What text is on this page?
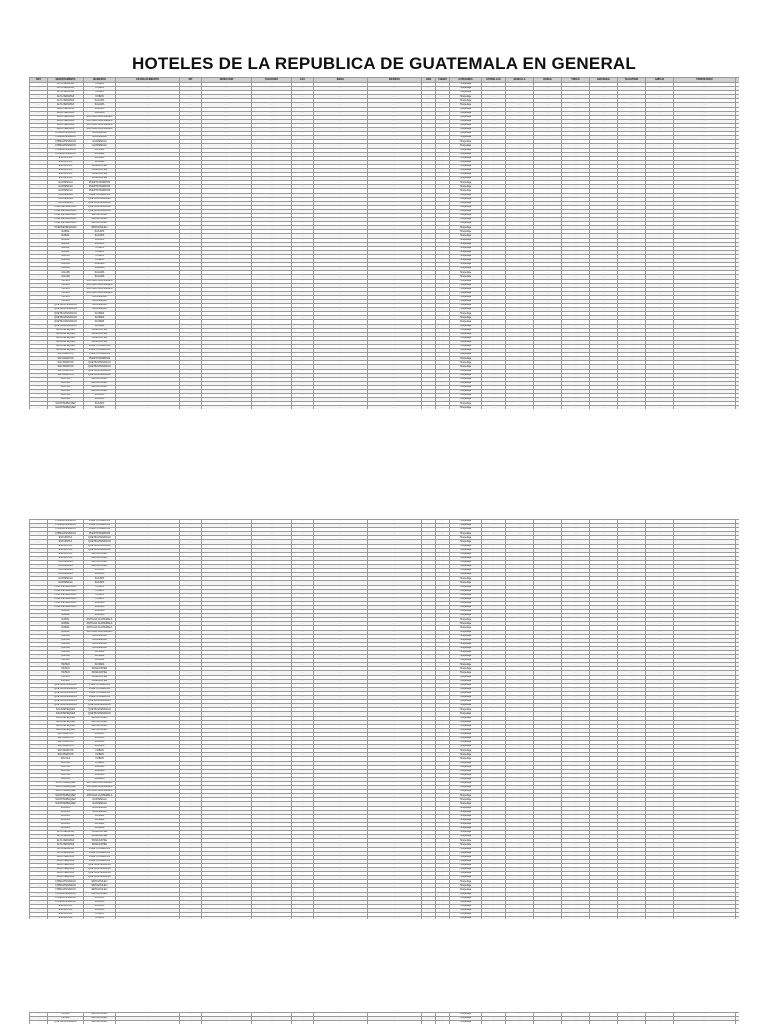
HOTELES DE LA REPUBLICA DE GUATEMALA EN GENERAL
NRT	DEPARTAMENTO	MUNICIPIO	ESTABLECIMIENTO	NIT	DIRECCION	TELEFONO	FAX	EMAIL	WEBSITE	HAB	CAMAS	CATEGORIA	ESTRELLAS	SENCILLA	DOBLE	TRIPLE	ADICIONAL	TELEVISOR	AMPLIO	PROPIETARIO	
…	ALTA VERAPAZ	COBAN	…	…	…	…	…	…	…	…	…	Hospedaje	…	…	…	…	…	…	…	…	
…	ALTA VERAPAZ	COBAN	…	…	…	…	…	…	…	…	…	Hospedaje	…	…	…	…	…	…	…	…	
…	ALTA VERAPAZ	COBAN	…	…	…	…	…	…	…	…	…	Hospedaje	…	…	…	…	…	…	…	…	
…	ALTA VERAPAZ	COBAN	…	…	…	…	…	…	…	…	…	Hospedaje	…	…	…	…	…	…	…	…	
…	ALTA VERAPAZ	SALAMA	…	…	…	…	…	…	…	…	…	Hospedaje	…	…	…	…	…	…	…	…	
…	ALTA VERAPAZ	SALAMA	…	…	…	…	…	…	…	…	…	Hospedaje	…	…	…	…	…	…	…	…	
…	BAJA VERAPAZ	SALAMA	…	…	…	…	…	…	…	…	…	Hospedaje	…	…	…	…	…	…	…	…	
…	BAJA VERAPAZ	SALAMA	…	…	…	…	…	…	…	…	…	Hospedaje	…	…	…	…	…	…	…	…	
…	BAJA VERAPAZ	ANTIGUA GUATEMALA	…	…	…	…	…	…	…	…	…	Hospedaje	…	…	…	…	…	…	…	…	
…	BAJA VERAPAZ	ANTIGUA GUATEMALA	…	…	…	…	…	…	…	…	…	Hospedaje	…	…	…	…	…	…	…	…	
…	BAJA VERAPAZ	ANTIGUA GUATEMALA	…	…	…	…	…	…	…	…	…	Hospedaje	…	…	…	…	…	…	…	…	
…	BAJA VERAPAZ	ANTIGUA GUATEMALA	…	…	…	…	…	…	…	…	…	Hospedaje	…	…	…	…	…	…	…	…	
…	CHIMALTENANGO	GUATEMALA	…	…	…	…	…	…	…	…	…	Hospedaje	…	…	…	…	…	…	…	…	
…	CHIMALTENANGO	GUATEMALA	…	…	…	…	…	…	…	…	…	Hospedaje	…	…	…	…	…	…	…	…	
…	CHIMALTENANGO	GUATEMALA	…	…	…	…	…	…	…	…	…	Hospedaje	…	…	…	…	…	…	…	…	
…	CHIMALTENANGO	GUATEMALA	…	…	…	…	…	…	…	…	…	Hospedaje	…	…	…	…	…	…	…	…	
…	CHIMALTENANGO	FLORES	…	…	…	…	…	…	…	…	…	Hospedaje	…	…	…	…	…	…	…	…	
…	CHIMALTENANGO	FLORES	…	…	…	…	…	…	…	…	…	Hospedaje	…	…	…	…	…	…	…	…	
…	ESCUINTLA	FLORES	…	…	…	…	…	…	…	…	…	Hospedaje	…	…	…	…	…	…	…	…	
…	ESCUINTLA	FLORES	…	…	…	…	…	…	…	…	…	Hospedaje	…	…	…	…	…	…	…	…	
…	ESCUINTLA	PANAJACHEL	…	…	…	…	…	…	…	…	…	Hospedaje	…	…	…	…	…	…	…	…	
…	ESCUINTLA	PANAJACHEL	…	…	…	…	…	…	…	…	…	Hospedaje	…	…	…	…	…	…	…	…	
…	ESCUINTLA	PANAJACHEL	…	…	…	…	…	…	…	…	…	Hospedaje	…	…	…	…	…	…	…	…	
…	ESCUINTLA	PANAJACHEL	…	…	…	…	…	…	…	…	…	Hospedaje	…	…	…	…	…	…	…	…	
…	GUATEMALA	PUERTO BARRIOS	…	…	…	…	…	…	…	…	…	Hospedaje	…	…	…	…	…	…	…	…	
…	GUATEMALA	PUERTO BARRIOS	…	…	…	…	…	…	…	…	…	Hospedaje	…	…	…	…	…	…	…	…	
…	GUATEMALA	PUERTO BARRIOS	…	…	…	…	…	…	…	…	…	Hospedaje	…	…	…	…	…	…	…	…	
…	GUATEMALA	PUERTO BARRIOS	…	…	…	…	…	…	…	…	…	Hospedaje	…	…	…	…	…	…	…	…	
…	GUATEMALA	QUETZALTENANGO	…	…	…	…	…	…	…	…	…	Hospedaje	…	…	…	…	…	…	…	…	
…	GUATEMALA	QUETZALTENANGO	…	…	…	…	…	…	…	…	…	Hospedaje	…	…	…	…	…	…	…	…	
…	HUEHUETENANGO	QUETZALTENANGO	…	…	…	…	…	…	…	…	…	Hospedaje	…	…	…	…	…	…	…	…	
…	HUEHUETENANGO	QUETZALTENANGO	…	…	…	…	…	…	…	…	…	Hospedaje	…	…	…	…	…	…	…	…	
…	HUEHUETENANGO	RETALHULEU	…	…	…	…	…	…	…	…	…	Hospedaje	…	…	…	…	…	…	…	…	
…	HUEHUETENANGO	RETALHULEU	…	…	…	…	…	…	…	…	…	Hospedaje	…	…	…	…	…	…	…	…	
…	HUEHUETENANGO	RETALHULEU	…	…	…	…	…	…	…	…	…	Hospedaje	…	…	…	…	…	…	…	…	
…	HUEHUETENANGO	RETALHULEU	…	…	…	…	…	…	…	…	…	Hospedaje	…	…	…	…	…	…	…	…	
…	IZABAL	ZACAPA	…	…	…	…	…	…	…	…	…	Hospedaje	…	…	…	…	…	…	…	…	
…	IZABAL	ZACAPA	…	…	…	…	…	…	…	…	…	Hospedaje	…	…	…	…	…	…	…	…	
…	IZABAL	ZACAPA	…	…	…	…	…	…	…	…	…	Hospedaje	…	…	…	…	…	…	…	…	
…	IZABAL	ZACAPA	…	…	…	…	…	…	…	…	…	Hospedaje	…	…	…	…	…	…	…	…	
…	IZABAL	COBAN	…	…	…	…	…	…	…	…	…	Hospedaje	…	…	…	…	…	…	…	…	
…	IZABAL	COBAN	…	…	…	…	…	…	…	…	…	Hospedaje	…	…	…	…	…	…	…	…	
…	JALAPA	COBAN	…	…	…	…	…	…	…	…	…	Hospedaje	…	…	…	…	…	…	…	…	
…	JALAPA	COBAN	…	…	…	…	…	…	…	…	…	Hospedaje	…	…	…	…	…	…	…	…	
…	JALAPA	SALAMA	…	…	…	…	…	…	…	…	…	Hospedaje	…	…	…	…	…	…	…	…	
…	JALAPA	SALAMA	…	…	…	…	…	…	…	…	…	Hospedaje	…	…	…	…	…	…	…	…	
…	JALAPA	SALAMA	…	…	…	…	…	…	…	…	…	Hospedaje	…	…	…	…	…	…	…	…	
…	JALAPA	SALAMA	…	…	…	…	…	…	…	…	…	Hospedaje	…	…	…	…	…	…	…	…	
…	PETEN	ANTIGUA GUATEMALA	…	…	…	…	…	…	…	…	…	Hospedaje	…	…	…	…	…	…	…	…	
…	PETEN	ANTIGUA GUATEMALA	…	…	…	…	…	…	…	…	…	Hospedaje	…	…	…	…	…	…	…	…	
…	PETEN	ANTIGUA GUATEMALA	…	…	…	…	…	…	…	…	…	Hospedaje	…	…	…	…	…	…	…	…	
…	PETEN	ANTIGUA GUATEMALA	…	…	…	…	…	…	…	…	…	Hospedaje	…	…	…	…	…	…	…	…	
…	PETEN	GUATEMALA	…	…	…	…	…	…	…	…	…	Hospedaje	…	…	…	…	…	…	…	…	
…	PETEN	GUATEMALA	…	…	…	…	…	…	…	…	…	Hospedaje	…	…	…	…	…	…	…	…	
…	QUETZALTENANGO	GUATEMALA	…	…	…	…	…	…	…	…	…	Hospedaje	…	…	…	…	…	…	…	…	
…	QUETZALTENANGO	GUATEMALA	…	…	…	…	…	…	…	…	…	Hospedaje	…	…	…	…	…	…	…	…	
…	QUETZALTENANGO	FLORES	…	…	…	…	…	…	…	…	…	Hospedaje	…	…	…	…	…	…	…	…	
…	QUETZALTENANGO	FLORES	…	…	…	…	…	…	…	…	…	Hospedaje	…	…	…	…	…	…	…	…	
…	QUETZALTENANGO	FLORES	…	…	…	…	…	…	…	…	…	Hospedaje	…	…	…	…	…	…	…	…	
…	QUETZALTENANGO	FLORES	…	…	…	…	…	…	…	…	…	Hospedaje	…	…	…	…	…	…	…	…	
…	SACATEPEQUEZ	PANAJACHEL	…	…	…	…	…	…	…	…	…	Hospedaje	…	…	…	…	…	…	…	…	
…	SACATEPEQUEZ	PANAJACHEL	…	…	…	…	…	…	…	…	…	Hospedaje	…	…	…	…	…	…	…	…	
…	SACATEPEQUEZ	PANAJACHEL	…	…	…	…	…	…	…	…	…	Hospedaje	…	…	…	…	…	…	…	…	
…	SACATEPEQUEZ	PANAJACHEL	…	…	…	…	…	…	…	…	…	Hospedaje	…	…	…	…	…	…	…	…	
…	SACATEPEQUEZ	PUERTO BARRIOS	…	…	…	…	…	…	…	…	…	Hospedaje	…	…	…	…	…	…	…	…	
…	SACATEPEQUEZ	PUERTO BARRIOS	…	…	…	…	…	…	…	…	…	Hospedaje	…	…	…	…	…	…	…	…	
…	SAN MARCOS	PUERTO BARRIOS	…	…	…	…	…	…	…	…	…	Hospedaje	…	…	…	…	…	…	…	…	
…	SAN MARCOS	PUERTO BARRIOS	…	…	…	…	…	…	…	…	…	Hospedaje	…	…	…	…	…	…	…	…	
…	SAN MARCOS	QUETZALTENANGO	…	…	…	…	…	…	…	…	…	Hospedaje	…	…	…	…	…	…	…	…	
…	SAN MARCOS	QUETZALTENANGO	…	…	…	…	…	…	…	…	…	Hospedaje	…	…	…	…	…	…	…	…	
…	SAN MARCOS	QUETZALTENANGO	…	…	…	…	…	…	…	…	…	Hospedaje	…	…	…	…	…	…	…	…	
…	SAN MARCOS	QUETZALTENANGO	…	…	…	…	…	…	…	…	…	Hospedaje	…	…	…	…	…	…	…	…	
…	SOLOLA	RETALHULEU	…	…	…	…	…	…	…	…	…	Hospedaje	…	…	…	…	…	…	…	…	
…	SOLOLA	RETALHULEU	…	…	…	…	…	…	…	…	…	Hospedaje	…	…	…	…	…	…	…	…	
…	SOLOLA	RETALHULEU	…	…	…	…	…	…	…	…	…	Hospedaje	…	…	…	…	…	…	…	…	
…	SOLOLA	RETALHULEU	…	…	…	…	…	…	…	…	…	Hospedaje	…	…	…	…	…	…	…	…	
…	SOLOLA	ZACAPA	…	…	…	…	…	…	…	…	…	Hospedaje	…	…	…	…	…	…	…	…	
…	SOLOLA	ZACAPA	…	…	…	…	…	…	…	…	…	Hospedaje	…	…	…	…	…	…	…	…	
…	SUCHITEPEQUEZ	ZACAPA	…	…	…	…	…	…	…	…	…	Hospedaje	…	…	…	…	…	…	…	…	
…	SUCHITEPEQUEZ	ZACAPA	…	…	…	…	…	…	…	…	…	Hospedaje	…	…	…	…	…	…	…	…	

…	CHIMALTENANGO	PUERTO BARRIOS	…	…	…	…	…	…	…	…	…	Hospedaje	…	…	…	…	…	…	…	…	
…	CHIMALTENANGO	PUERTO BARRIOS	…	…	…	…	…	…	…	…	…	Hospedaje	…	…	…	…	…	…	…	…	
…	CHIMALTENANGO	PUERTO BARRIOS	…	…	…	…	…	…	…	…	…	Hospedaje	…	…	…	…	…	…	…	…	
…	CHIMALTENANGO	PUERTO BARRIOS	…	…	…	…	…	…	…	…	…	Hospedaje	…	…	…	…	…	…	…	…	
…	ESCUINTLA	QUETZALTENANGO	…	…	…	…	…	…	…	…	…	Hospedaje	…	…	…	…	…	…	…	…	
…	ESCUINTLA	QUETZALTENANGO	…	…	…	…	…	…	…	…	…	Hospedaje	…	…	…	…	…	…	…	…	
…	ESCUINTLA	QUETZALTENANGO	…	…	…	…	…	…	…	…	…	Hospedaje	…	…	…	…	…	…	…	…	
…	ESCUINTLA	QUETZALTENANGO	…	…	…	…	…	…	…	…	…	Hospedaje	…	…	…	…	…	…	…	…	
…	ESCUINTLA	RETALHULEU	…	…	…	…	…	…	…	…	…	Hospedaje	…	…	…	…	…	…	…	…	
…	ESCUINTLA	RETALHULEU	…	…	…	…	…	…	…	…	…	Hospedaje	…	…	…	…	…	…	…	…	
…	GUATEMALA	RETALHULEU	…	…	…	…	…	…	…	…	…	Hospedaje	…	…	…	…	…	…	…	…	
…	GUATEMALA	RETALHULEU	…	…	…	…	…	…	…	…	…	Hospedaje	…	…	…	…	…	…	…	…	
…	GUATEMALA	ZACAPA	…	…	…	…	…	…	…	…	…	Hospedaje	…	…	…	…	…	…	…	…	
…	GUATEMALA	ZACAPA	…	…	…	…	…	…	…	…	…	Hospedaje	…	…	…	…	…	…	…	…	
…	GUATEMALA	ZACAPA	…	…	…	…	…	…	…	…	…	Hospedaje	…	…	…	…	…	…	…	…	
…	GUATEMALA	ZACAPA	…	…	…	…	…	…	…	…	…	Hospedaje	…	…	…	…	…	…	…	…	
…	HUEHUETENANGO	COBAN	…	…	…	…	…	…	…	…	…	Hospedaje	…	…	…	…	…	…	…	…	
…	HUEHUETENANGO	COBAN	…	…	…	…	…	…	…	…	…	Hospedaje	…	…	…	…	…	…	…	…	
…	HUEHUETENANGO	COBAN	…	…	…	…	…	…	…	…	…	Hospedaje	…	…	…	…	…	…	…	…	
…	HUEHUETENANGO	COBAN	…	…	…	…	…	…	…	…	…	Hospedaje	…	…	…	…	…	…	…	…	
…	HUEHUETENANGO	SALAMA	…	…	…	…	…	…	…	…	…	Hospedaje	…	…	…	…	…	…	…	…	
…	HUEHUETENANGO	SALAMA	…	…	…	…	…	…	…	…	…	Hospedaje	…	…	…	…	…	…	…	…	
…	IZABAL	SALAMA	…	…	…	…	…	…	…	…	…	Hospedaje	…	…	…	…	…	…	…	…	
…	IZABAL	SALAMA	…	…	…	…	…	…	…	…	…	Hospedaje	…	…	…	…	…	…	…	…	
…	IZABAL	ANTIGUA GUATEMALA	…	…	…	…	…	…	…	…	…	Hospedaje	…	…	…	…	…	…	…	…	
…	IZABAL	ANTIGUA GUATEMALA	…	…	…	…	…	…	…	…	…	Hospedaje	…	…	…	…	…	…	…	…	
…	IZABAL	ANTIGUA GUATEMALA	…	…	…	…	…	…	…	…	…	Hospedaje	…	…	…	…	…	…	…	…	
…	IZABAL	ANTIGUA GUATEMALA	…	…	…	…	…	…	…	…	…	Hospedaje	…	…	…	…	…	…	…	…	
…	JALAPA	GUATEMALA	…	…	…	…	…	…	…	…	…	Hospedaje	…	…	…	…	…	…	…	…	
…	JALAPA	GUATEMALA	…	…	…	…	…	…	…	…	…	Hospedaje	…	…	…	…	…	…	…	…	
…	JALAPA	GUATEMALA	…	…	…	…	…	…	…	…	…	Hospedaje	…	…	…	…	…	…	…	…	
…	JALAPA	GUATEMALA	…	…	…	…	…	…	…	…	…	Hospedaje	…	…	…	…	…	…	…	…	
…	JALAPA	FLORES	…	…	…	…	…	…	…	…	…	Hospedaje	…	…	…	…	…	…	…	…	
…	JALAPA	FLORES	…	…	…	…	…	…	…	…	…	Hospedaje	…	…	…	…	…	…	…	…	
…	PETEN	FLORES	…	…	…	…	…	…	…	…	…	Hospedaje	…	…	…	…	…	…	…	…	
…	PETEN	FLORES	…	…	…	…	…	…	…	…	…	Hospedaje	…	…	…	…	…	…	…	…	
…	PETEN	PANAJACHEL	…	…	…	…	…	…	…	…	…	Hospedaje	…	…	…	…	…	…	…	…	
…	PETEN	PANAJACHEL	…	…	…	…	…	…	…	…	…	Hospedaje	…	…	…	…	…	…	…	…	
…	PETEN	PANAJACHEL	…	…	…	…	…	…	…	…	…	Hospedaje	…	…	…	…	…	…	…	…	
…	PETEN	PANAJACHEL	…	…	…	…	…	…	…	…	…	Hospedaje	…	…	…	…	…	…	…	…	
…	QUETZALTENANGO	PUERTO BARRIOS	…	…	…	…	…	…	…	…	…	Hospedaje	…	…	…	…	…	…	…	…	
…	QUETZALTENANGO	PUERTO BARRIOS	…	…	…	…	…	…	…	…	…	Hospedaje	…	…	…	…	…	…	…	…	
…	QUETZALTENANGO	PUERTO BARRIOS	…	…	…	…	…	…	…	…	…	Hospedaje	…	…	…	…	…	…	…	…	
…	QUETZALTENANGO	PUERTO BARRIOS	…	…	…	…	…	…	…	…	…	Hospedaje	…	…	…	…	…	…	…	…	
…	QUETZALTENANGO	QUETZALTENANGO	…	…	…	…	…	…	…	…	…	Hospedaje	…	…	…	…	…	…	…	…	
…	QUETZALTENANGO	QUETZALTENANGO	…	…	…	…	…	…	…	…	…	Hospedaje	…	…	…	…	…	…	…	…	
…	SACATEPEQUEZ	QUETZALTENANGO	…	…	…	…	…	…	…	…	…	Hospedaje	…	…	…	…	…	…	…	…	
…	SACATEPEQUEZ	QUETZALTENANGO	…	…	…	…	…	…	…	…	…	Hospedaje	…	…	…	…	…	…	…	…	
…	SACATEPEQUEZ	RETALHULEU	…	…	…	…	…	…	…	…	…	Hospedaje	…	…	…	…	…	…	…	…	
…	SACATEPEQUEZ	RETALHULEU	…	…	…	…	…	…	…	…	…	Hospedaje	…	…	…	…	…	…	…	…	
…	SACATEPEQUEZ	RETALHULEU	…	…	…	…	…	…	…	…	…	Hospedaje	…	…	…	…	…	…	…	…	
…	SACATEPEQUEZ	RETALHULEU	…	…	…	…	…	…	…	…	…	Hospedaje	…	…	…	…	…	…	…	…	
…	SAN MARCOS	ZACAPA	…	…	…	…	…	…	…	…	…	Hospedaje	…	…	…	…	…	…	…	…	
…	SAN MARCOS	ZACAPA	…	…	…	…	…	…	…	…	…	Hospedaje	…	…	…	…	…	…	…	…	
…	SAN MARCOS	ZACAPA	…	…	…	…	…	…	…	…	…	Hospedaje	…	…	…	…	…	…	…	…	
…	SAN MARCOS	ZACAPA	…	…	…	…	…	…	…	…	…	Hospedaje	…	…	…	…	…	…	…	…	
…	SAN MARCOS	COBAN	…	…	…	…	…	…	…	…	…	Hospedaje	…	…	…	…	…	…	…	…	
…	SAN MARCOS	COBAN	…	…	…	…	…	…	…	…	…	Hospedaje	…	…	…	…	…	…	…	…	
…	SOLOLA	COBAN	…	…	…	…	…	…	…	…	…	Hospedaje	…	…	…	…	…	…	…	…	
…	SOLOLA	COBAN	…	…	…	…	…	…	…	…	…	Hospedaje	…	…	…	…	…	…	…	…	
…	SOLOLA	SALAMA	…	…	…	…	…	…	…	…	…	Hospedaje	…	…	…	…	…	…	…	…	
…	SOLOLA	SALAMA	…	…	…	…	…	…	…	…	…	Hospedaje	…	…	…	…	…	…	…	…	
…	SOLOLA	SALAMA	…	…	…	…	…	…	…	…	…	Hospedaje	…	…	…	…	…	…	…	…	
…	SOLOLA	SALAMA	…	…	…	…	…	…	…	…	…	Hospedaje	…	…	…	…	…	…	…	…	
…	SUCHITEPEQUEZ	ANTIGUA GUATEMALA	…	…	…	…	…	…	…	…	…	Hospedaje	…	…	…	…	…	…	…	…	
…	SUCHITEPEQUEZ	ANTIGUA GUATEMALA	…	…	…	…	…	…	…	…	…	Hospedaje	…	…	…	…	…	…	…	…	
…	SUCHITEPEQUEZ	ANTIGUA GUATEMALA	…	…	…	…	…	…	…	…	…	Hospedaje	…	…	…	…	…	…	…	…	
…	SUCHITEPEQUEZ	ANTIGUA GUATEMALA	…	…	…	…	…	…	…	…	…	Hospedaje	…	…	…	…	…	…	…	…	
…	SUCHITEPEQUEZ	GUATEMALA	…	…	…	…	…	…	…	…	…	Hospedaje	…	…	…	…	…	…	…	…	
…	SUCHITEPEQUEZ	GUATEMALA	…	…	…	…	…	…	…	…	…	Hospedaje	…	…	…	…	…	…	…	…	
…	ZACAPA	GUATEMALA	…	…	…	…	…	…	…	…	…	Hospedaje	…	…	…	…	…	…	…	…	
…	ZACAPA	GUATEMALA	…	…	…	…	…	…	…	…	…	Hospedaje	…	…	…	…	…	…	…	…	
…	ZACAPA	FLORES	…	…	…	…	…	…	…	…	…	Hospedaje	…	…	…	…	…	…	…	…	
…	ZACAPA	FLORES	…	…	…	…	…	…	…	…	…	Hospedaje	…	…	…	…	…	…	…	…	
…	ZACAPA	FLORES	…	…	…	…	…	…	…	…	…	Hospedaje	…	…	…	…	…	…	…	…	
…	ZACAPA	FLORES	…	…	…	…	…	…	…	…	…	Hospedaje	…	…	…	…	…	…	…	…	
…	ALTA VERAPAZ	PANAJACHEL	…	…	…	…	…	…	…	…	…	Hospedaje	…	…	…	…	…	…	…	…	
…	ALTA VERAPAZ	PANAJACHEL	…	…	…	…	…	…	…	…	…	Hospedaje	…	…	…	…	…	…	…	…	
…	ALTA VERAPAZ	PANAJACHEL	…	…	…	…	…	…	…	…	…	Hospedaje	…	…	…	…	…	…	…	…	
…	ALTA VERAPAZ	PANAJACHEL	…	…	…	…	…	…	…	…	…	Hospedaje	…	…	…	…	…	…	…	…	
…	ALTA VERAPAZ	PUERTO BARRIOS	…	…	…	…	…	…	…	…	…	Hospedaje	…	…	…	…	…	…	…	…	
…	ALTA VERAPAZ	PUERTO BARRIOS	…	…	…	…	…	…	…	…	…	Hospedaje	…	…	…	…	…	…	…	…	
…	BAJA VERAPAZ	PUERTO BARRIOS	…	…	…	…	…	…	…	…	…	Hospedaje	…	…	…	…	…	…	…	…	
…	BAJA VERAPAZ	PUERTO BARRIOS	…	…	…	…	…	…	…	…	…	Hospedaje	…	…	…	…	…	…	…	…	
…	BAJA VERAPAZ	QUETZALTENANGO	…	…	…	…	…	…	…	…	…	Hospedaje	…	…	…	…	…	…	…	…	
…	BAJA VERAPAZ	QUETZALTENANGO	…	…	…	…	…	…	…	…	…	Hospedaje	…	…	…	…	…	…	…	…	
…	BAJA VERAPAZ	QUETZALTENANGO	…	…	…	…	…	…	…	…	…	Hospedaje	…	…	…	…	…	…	…	…	
…	BAJA VERAPAZ	QUETZALTENANGO	…	…	…	…	…	…	…	…	…	Hospedaje	…	…	…	…	…	…	…	…	
…	CHIMALTENANGO	RETALHULEU	…	…	…	…	…	…	…	…	…	Hospedaje	…	…	…	…	…	…	…	…	
…	CHIMALTENANGO	RETALHULEU	…	…	…	…	…	…	…	…	…	Hospedaje	…	…	…	…	…	…	…	…	
…	CHIMALTENANGO	RETALHULEU	…	…	…	…	…	…	…	…	…	Hospedaje	…	…	…	…	…	…	…	…	
…	CHIMALTENANGO	RETALHULEU	…	…	…	…	…	…	…	…	…	Hospedaje	…	…	…	…	…	…	…	…	
…	CHIMALTENANGO	ZACAPA	…	…	…	…	…	…	…	…	…	Hospedaje	…	…	…	…	…	…	…	…	
…	CHIMALTENANGO	ZACAPA	…	…	…	…	…	…	…	…	…	Hospedaje	…	…	…	…	…	…	…	…	
…	ESCUINTLA	ZACAPA	…	…	…	…	…	…	…	…	…	Hospedaje	…	…	…	…	…	…	…	…	
…	ESCUINTLA	ZACAPA	…	…	…	…	…	…	…	…	…	Hospedaje	…	…	…	…	…	…	…	…	
…	ESCUINTLA	COBAN	…	…	…	…	…	…	…	…	…	Hospedaje	…	…	…	…	…	…	…	…	
…	ESCUINTLA	COBAN	…	…	…	…	…	…	…	…	…	Hospedaje	…	…	…	…	…	…	…	…	

…	PETEN	RETALHULEU	…	…	…	…	…	…	…	…	…	Hospedaje	…	…	…	…	…	…	…	…	
…	PETEN	RETALHULEU	…	…	…	…	…	…	…	…	…	Hospedaje	…	…	…	…	…	…	…	…	
…	QUETZALTENANGO	RETALHULEU	…	…	…	…	…	…	…	…	…	Hospedaje	…	…	…	…	…	…	…	…	
